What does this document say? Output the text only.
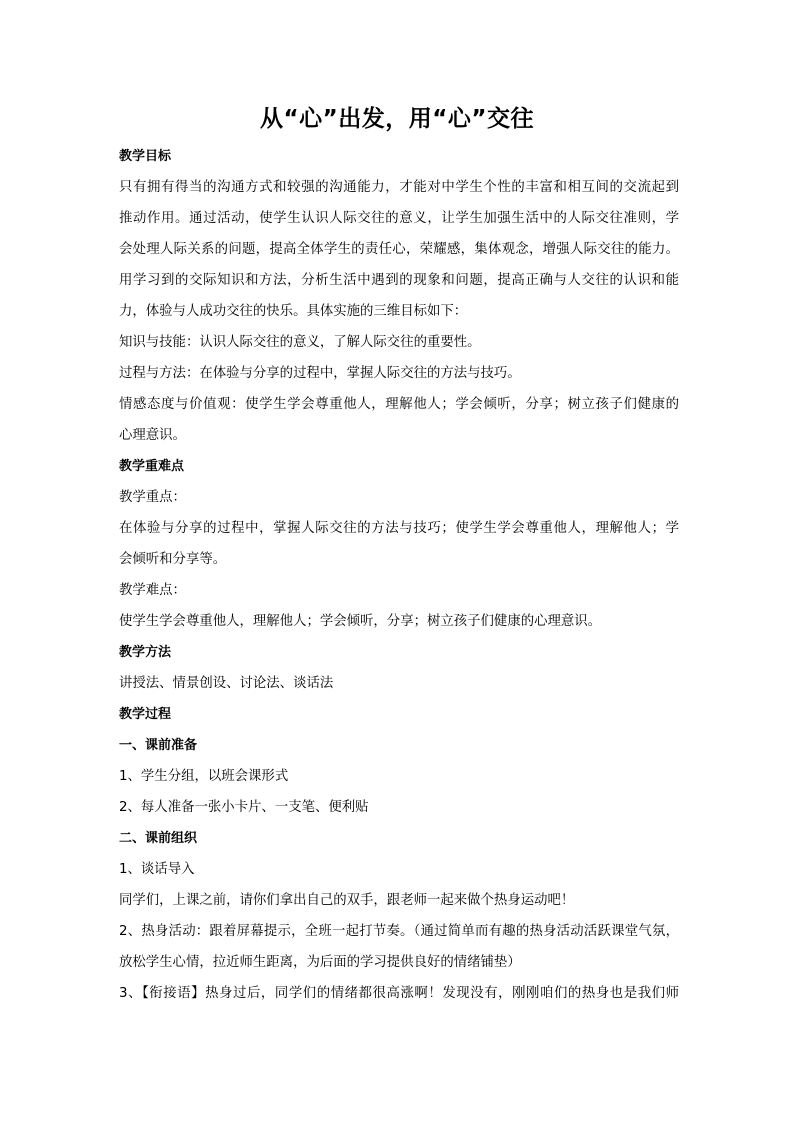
从“心”出发，用“心”交往
教学目标
只有拥有得当的沟通方式和较强的沟通能力，才能对中学生个性的丰富和相互间的交流起到
推动作用。通过活动，使学生认识人际交往的意义，让学生加强生活中的人际交往准则，学
会处理人际关系的问题，提高全体学生的责任心，荣耀感，集体观念，增强人际交往的能力。
用学习到的交际知识和方法，分析生活中遇到的现象和问题，提高正确与人交往的认识和能
力，体验与人成功交往的快乐。具体实施的三维目标如下：
知识与技能：认识人际交往的意义，了解人际交往的重要性。
过程与方法：在体验与分享的过程中，掌握人际交往的方法与技巧。
情感态度与价值观：使学生学会尊重他人，理解他人；学会倾听，分享；树立孩子们健康的
心理意识。
教学重难点
教学重点：
在体验与分享的过程中，掌握人际交往的方法与技巧；使学生学会尊重他人，理解他人；学
会倾听和分享等。
教学难点：
使学生学会尊重他人，理解他人；学会倾听，分享；树立孩子们健康的心理意识。
教学方法
讲授法、情景创设、讨论法、谈话法
教学过程
一、课前准备
1、学生分组，以班会课形式
2、每人准备一张小卡片、一支笔、便利贴
二、课前组织
1、谈话导入
同学们，上课之前，请你们拿出自己的双手，跟老师一起来做个热身运动吧！
2、热身活动：跟着屏幕提示，全班一起打节奏。（通过简单而有趣的热身活动活跃课堂气氛，
放松学生心情，拉近师生距离，为后面的学习提供良好的情绪铺垫）
3、【衔接语】热身过后，同学们的情绪都很高涨啊！发现没有，刚刚咱们的热身也是我们师
